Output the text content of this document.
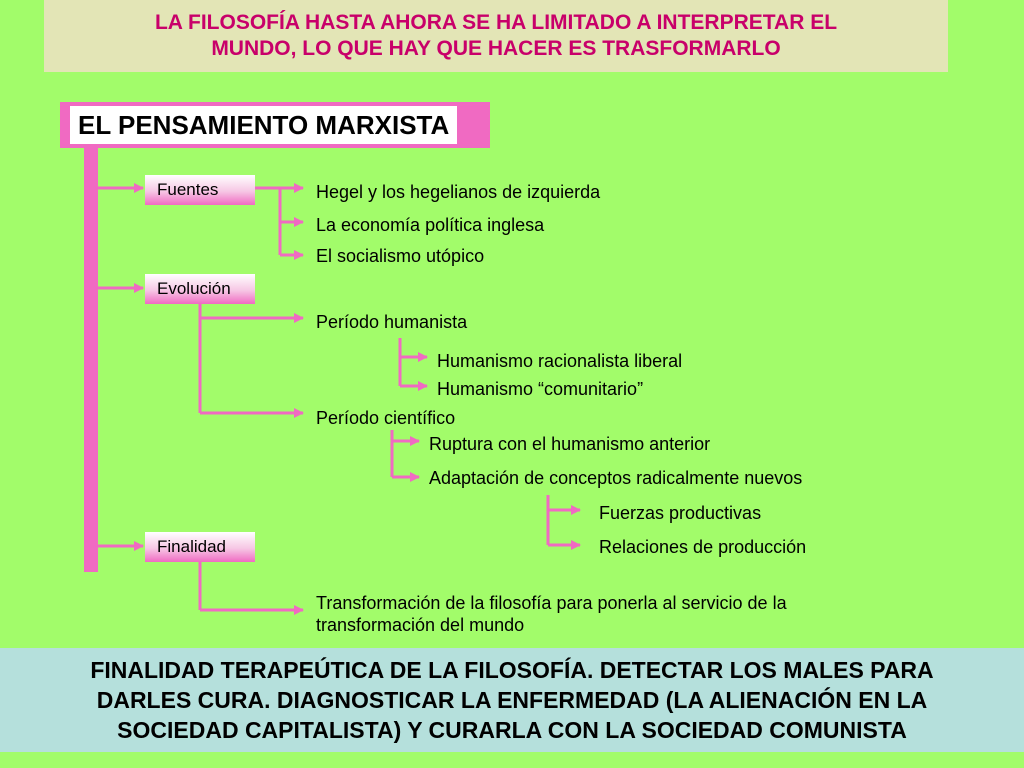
LA FILOSOFÍA HASTA AHORA SE HA LIMITADO A INTERPRETAR EL
MUNDO, LO QUE HAY QUE HACER ES TRASFORMARLO
EL PENSAMIENTO MARXISTA
Fuentes
Evolución
Finalidad
Hegel y los hegelianos de izquierda
La economía política inglesa
El socialismo utópico
Período humanista
Humanismo racionalista liberal
Humanismo “comunitario”
Período científico
Ruptura con el humanismo anterior
Adaptación de conceptos radicalmente nuevos
Fuerzas productivas
Relaciones de producción
Transformación de la filosofía para ponerla al servicio de la transformación del mundo
FINALIDAD TERAPEÚTICA DE LA FILOSOFÍA. DETECTAR LOS MALES PARA
DARLES CURA. DIAGNOSTICAR LA ENFERMEDAD (LA ALIENACIÓN EN LA
SOCIEDAD CAPITALISTA) Y CURARLA CON LA SOCIEDAD COMUNISTA
